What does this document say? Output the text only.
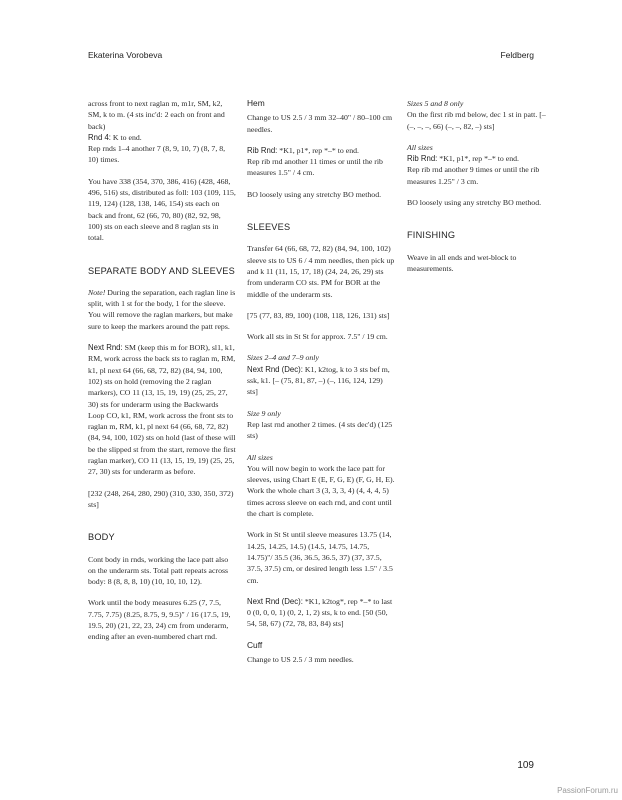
Ekaterina Vorobeva	Feldberg

across front to next raglan m, m1r, SM, k2, SM, k to m. (4 sts inc'd: 2 each on front and back)

Rnd 4: K to end.

Rep rnds 1–4 another 7 (8, 9, 10, 7) (8, 7, 8, 10) times.

You have 338 (354, 370, 386, 416) (428, 468, 496, 516) sts, distributed as foll: 103 (109, 115, 119, 124) (128, 138, 146, 154) sts each on back and front, 62 (66, 70, 80) (82, 92, 98, 100) sts on each sleeve and 8 raglan sts in total.

SEPARATE BODY AND SLEEVES

Note! During the separation, each raglan line is split, with 1 st for the body, 1 for the sleeve. You will remove the raglan markers, but make sure to keep the markers around the patt reps.

Next Rnd: SM (keep this m for BOR), sl1, k1, RM, work across the back sts to raglan m, RM, k1, pl next 64 (66, 68, 72, 82) (84, 94, 100, 102) sts on hold (removing the 2 raglan markers), CO 11 (13, 15, 19, 19) (25, 25, 27, 30) sts for underarm using the Backwards Loop CO, k1, RM, work across the front sts to raglan m, RM, k1, pl next 64 (66, 68, 72, 82) (84, 94, 100, 102) sts on hold (last of these will be the slipped st from the start, remove the first raglan marker), CO 11 (13, 15, 19, 19) (25, 25, 27, 30) sts for underarm as before.

[232 (248, 264, 280, 290) (310, 330, 350, 372) sts]

BODY

Cont body in rnds, working the lace patt also on the underarm sts. Total patt repeats across body: 8 (8, 8, 8, 10) (10, 10, 10, 12).

Work until the body measures 6.25 (7, 7.5, 7.75, 7.75) (8.25, 8.75, 9, 9.5)" / 16 (17.5, 19, 19.5, 20) (21, 22, 23, 24) cm from underarm, ending after an even-numbered chart rnd.

Hem

Change to US 2.5 / 3 mm 32–40" / 80–100 cm needles.

Rib Rnd: *K1, p1*, rep *–* to end.

Rep rib rnd another 11 times or until the rib measures 1.5" / 4 cm.

BO loosely using any stretchy BO method.

SLEEVES

Transfer 64 (66, 68, 72, 82) (84, 94, 100, 102) sleeve sts to US 6 / 4 mm needles, then pick up and k 11 (11, 15, 17, 18) (24, 24, 26, 29) sts from underarm CO sts. PM for BOR at the middle of the underarm sts.

[75 (77, 83, 89, 100) (108, 118, 126, 131) sts]

Work all sts in St St for approx. 7.5" / 19 cm.

Sizes 2–4 and 7–9 only

Next Rnd (Dec): K1, k2tog, k to 3 sts bef m, ssk, k1. [– (75, 81, 87, –) (–, 116, 124, 129) sts]

Size 9 only

Rep last rnd another 2 times. (4 sts dec'd) (125 sts)

All sizes

You will now begin to work the lace patt for sleeves, using Chart E (E, F, G, E) (F, G, H, E). Work the whole chart 3 (3, 3, 3, 4) (4, 4, 4, 5) times across sleeve on each rnd, and cont until the chart is complete.

Work in St St until sleeve measures 13.75 (14, 14.25, 14.25, 14.5) (14.5, 14.75, 14.75, 14.75)"/ 35.5 (36, 36.5, 36.5, 37) (37, 37.5, 37.5, 37.5) cm, or desired length less 1.5" / 3.5 cm.

Next Rnd (Dec): *K1, k2tog*, rep *–* to last 0 (0, 0, 0, 1) (0, 2, 1, 2) sts, k to end. [50 (50, 54, 58, 67) (72, 78, 83, 84) sts]

Cuff

Change to US 2.5 / 3 mm needles.

Sizes 5 and 8 only

On the first rib rnd below, dec 1 st in patt. [– (–, –, –, 66) (–, –, 82, –) sts]

All sizes

Rib Rnd: *K1, p1*, rep *–* to end.

Rep rib rnd another 9 times or until the rib measures 1.25" / 3 cm.

BO loosely using any stretchy BO method.

FINISHING

Weave in all ends and wet-block to measurements.

109
PassionForum.ru
